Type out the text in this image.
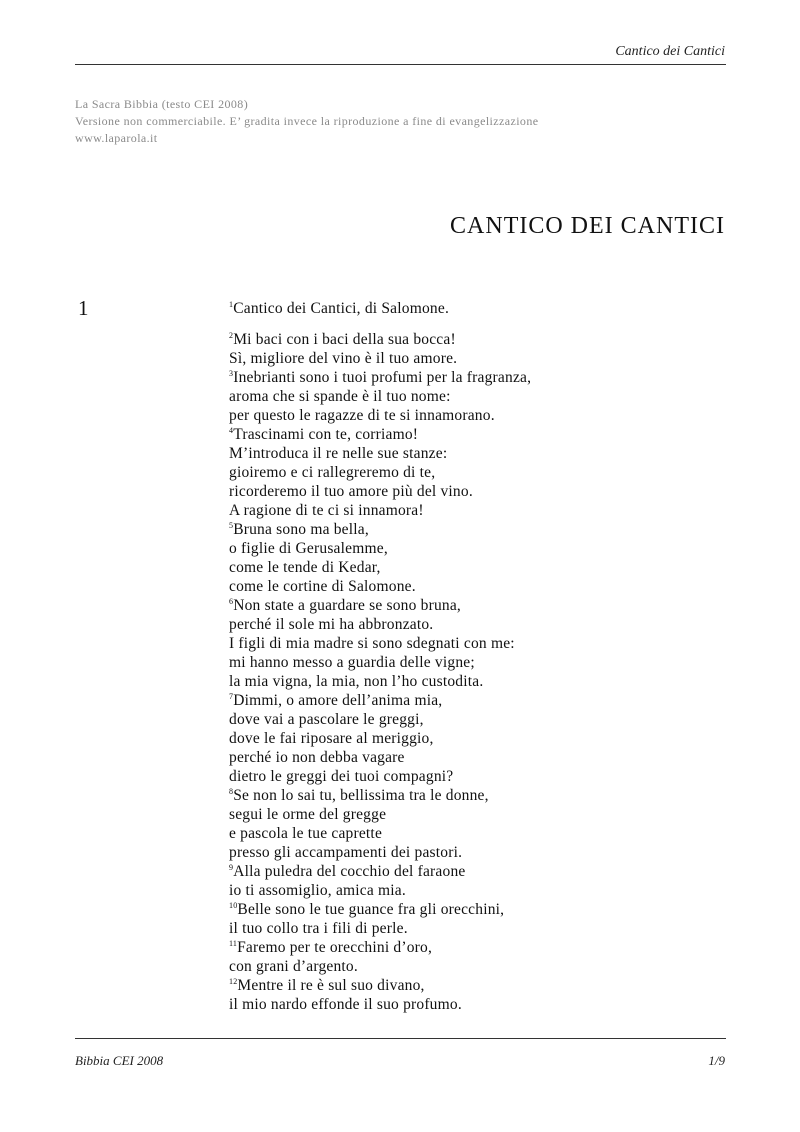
Cantico dei Cantici
La Sacra Bibbia (testo CEI 2008)
Versione non commerciabile. E’ gradita invece la riproduzione a fine di evangelizzazione
www.laparola.it
CANTICO DEI CANTICI
1	$^1$Cantico dei Cantici, di Salomone.
$^2$Mi baci con i baci della sua bocca!
Sì, migliore del vino è il tuo amore.
$^3$Inebrianti sono i tuoi profumi per la fragranza,
aroma che si spande è il tuo nome:
per questo le ragazze di te si innamorano.
$^4$Trascinami con te, corriamo!
M’introduca il re nelle sue stanze:
gioiremo e ci rallegreremo di te,
ricorderemo il tuo amore più del vino.
A ragione di te ci si innamora!
$^5$Bruna sono ma bella,
o figlie di Gerusalemme,
come le tende di Kedar,
come le cortine di Salomone.
$^6$Non state a guardare se sono bruna,
perché il sole mi ha abbronzato.
I figli di mia madre si sono sdegnati con me:
mi hanno messo a guardia delle vigne;
la mia vigna, la mia, non l’ho custodita.
$^7$Dimmi, o amore dell’anima mia,
dove vai a pascolare le greggi,
dove le fai riposare al meriggio,
perché io non debba vagare
dietro le greggi dei tuoi compagni?
$^8$Se non lo sai tu, bellissima tra le donne,
segui le orme del gregge
e pascola le tue caprette
presso gli accampamenti dei pastori.
$^9$Alla puledra del cocchio del faraone
io ti assomiglio, amica mia.
$^{10}$Belle sono le tue guance fra gli orecchini,
il tuo collo tra i fili di perle.
$^{11}$Faremo per te orecchini d’oro,
con grani d’argento.
$^{12}$Mentre il re è sul suo divano,
il mio nardo effonde il suo profumo.
Bibbia CEI 2008	1/9
